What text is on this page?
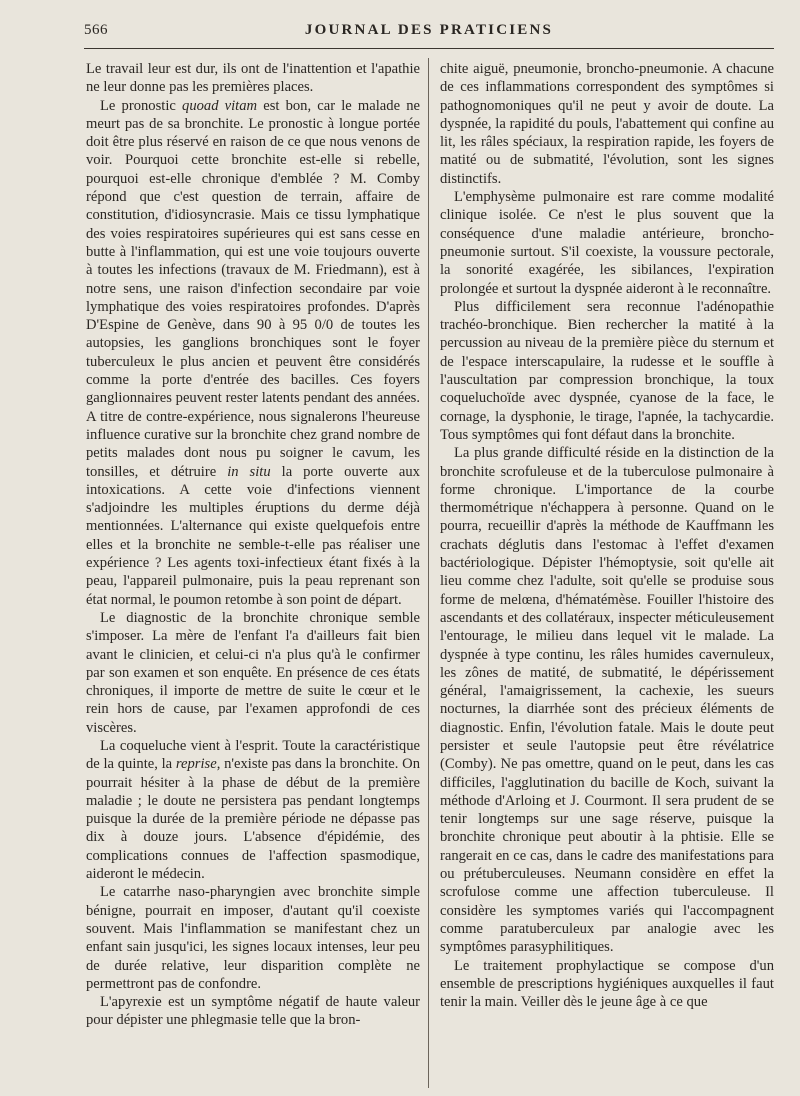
566	JOURNAL DES PRATICIENS

Le travail leur est dur, ils ont de l'inattention et l'apathie ne leur donne pas les premières places.

Le pronostic quoad vitam est bon, car le malade ne meurt pas de sa bronchite. Le pronostic à longue portée doit être plus réservé en raison de ce que nous venons de voir. Pourquoi cette bronchite est-elle si rebelle, pourquoi est-elle chronique d'emblée ? M. Comby répond que c'est question de terrain, affaire de constitution, d'idiosyncrasie. Mais ce tissu lymphatique des voies respiratoires supérieures qui est sans cesse en butte à l'inflammation, qui est une voie toujours ouverte à toutes les infections (travaux de M. Friedmann), est à notre sens, une raison d'infection secondaire par voie lymphatique des voies respiratoires profondes. D'après D'Espine de Genève, dans 90 à 95 0/0 de toutes les autopsies, les ganglions bronchiques sont le foyer tuberculeux le plus ancien et peuvent être considérés comme la porte d'entrée des bacilles. Ces foyers ganglionnaires peuvent rester latents pendant des années. A titre de contre-expérience, nous signalerons l'heureuse influence curative sur la bronchite chez grand nombre de petits malades dont nous pu soigner le cavum, les tonsilles, et détruire in situ la porte ouverte aux intoxications. A cette voie d'infections viennent s'adjoindre les multiples éruptions du derme déjà mentionnées. L'alternance qui existe quelquefois entre elles et la bronchite ne semble-t-elle pas réaliser une expérience ? Les agents toxi-infectieux étant fixés à la peau, l'appareil pulmonaire, puis la peau reprenant son état normal, le poumon retombe à son point de départ.

Le diagnostic de la bronchite chronique semble s'imposer. La mère de l'enfant l'a d'ailleurs fait bien avant le clinicien, et celui-ci n'a plus qu'à le confirmer par son examen et son enquête. En présence de ces états chroniques, il importe de mettre de suite le cœur et le rein hors de cause, par l'examen approfondi de ces viscères.

La coqueluche vient à l'esprit. Toute la caractéristique de la quinte, la reprise, n'existe pas dans la bronchite. On pourrait hésiter à la phase de début de la première maladie ; le doute ne persistera pas pendant longtemps puisque la durée de la première période ne dépasse pas dix à douze jours. L'absence d'épidémie, des complications connues de l'affection spasmodique, aideront le médecin.

Le catarrhe naso-pharyngien avec bronchite simple bénigne, pourrait en imposer, d'autant qu'il coexiste souvent. Mais l'inflammation se manifestant chez un enfant sain jusqu'ici, les signes locaux intenses, leur peu de durée relative, leur disparition complète ne permettront pas de confondre.

L'apyrexie est un symptôme négatif de haute valeur pour dépister une phlegmasie telle que la bron-

chite aiguë, pneumonie, broncho-pneumonie. A chacune de ces inflammations correspondent des symptômes si pathognomoniques qu'il ne peut y avoir de doute. La dyspnée, la rapidité du pouls, l'abattement qui confine au lit, les râles spéciaux, la respiration rapide, les foyers de matité ou de submatité, l'évolution, sont les signes distinctifs.

L'emphysème pulmonaire est rare comme modalité clinique isolée. Ce n'est le plus souvent que la conséquence d'une maladie antérieure, broncho-pneumonie surtout. S'il coexiste, la voussure pectorale, la sonorité exagérée, les sibilances, l'expiration prolongée et surtout la dyspnée aideront à le reconnaître.

Plus difficilement sera reconnue l'adénopathie trachéo-bronchique. Bien rechercher la matité à la percussion au niveau de la première pièce du sternum et de l'espace interscapulaire, la rudesse et le souffle à l'auscultation par compression bronchique, la toux coqueluchoïde avec dyspnée, cyanose de la face, le cornage, la dysphonie, le tirage, l'apnée, la tachycardie. Tous symptômes qui font défaut dans la bronchite.

La plus grande difficulté réside en la distinction de la bronchite scrofuleuse et de la tuberculose pulmonaire à forme chronique. L'importance de la courbe thermométrique n'échappera à personne. Quand on le pourra, recueillir d'après la méthode de Kauffmann les crachats déglutis dans l'estomac à l'effet d'examen bactériologique. Dépister l'hémoptysie, soit qu'elle ait lieu comme chez l'adulte, soit qu'elle se produise sous forme de melœna, d'hématémèse. Fouiller l'histoire des ascendants et des collatéraux, inspecter méticuleusement l'entourage, le milieu dans lequel vit le malade. La dyspnée à type continu, les râles humides cavernuleux, les zônes de matité, de submatité, le dépérissement général, l'amaigrissement, la cachexie, les sueurs nocturnes, la diarrhée sont des précieux éléments de diagnostic. Enfin, l'évolution fatale. Mais le doute peut persister et seule l'autopsie peut être révélatrice (Comby). Ne pas omettre, quand on le peut, dans les cas difficiles, l'agglutination du bacille de Koch, suivant la méthode d'Arloing et J. Courmont. Il sera prudent de se tenir longtemps sur une sage réserve, puisque la bronchite chronique peut aboutir à la phtisie. Elle se rangerait en ce cas, dans le cadre des manifestations para ou prétuberculeuses. Neumann considère en effet la scrofulose comme une affection tuberculeuse. Il considère les symptomes variés qui l'accompagnent comme paratuberculeux par analogie avec les symptômes parasyphilitiques.

Le traitement prophylactique se compose d'un ensemble de prescriptions hygiéniques auxquelles il faut tenir la main. Veiller dès le jeune âge à ce que
